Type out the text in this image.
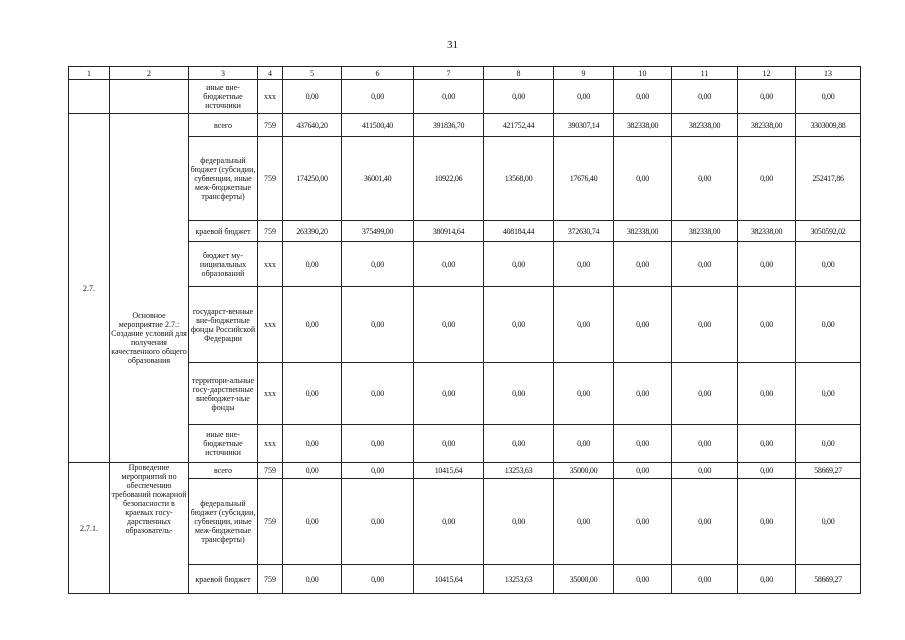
31
1	2	3	4	5	6	7	8	9	10	11	12	13
		иные вне-бюджетные источники	xxx	0,00	0,00	0,00	0,00	0,00	0,00	0,00	0,00	0,00
2.7.	Основное мероприятие 2.7.: Создание условий для получения качественного общего образования	всего	759	437640,20	411500,40	391836,70	421752,44	390307,14	382338,00	382338,00	382338,00	3303009,88
		федеральный бюджет (субсидии, субвенции, иные меж-бюджетные трансферты)	759	174250,00	36001,40	10922,06	13568,00	17676,40	0,00	0,00	0,00	252417,86
		краевой бюджет	759	263390,20	375499,00	380914,64	408184,44	372630,74	382338,00	382338,00	382338,00	3050592,02
		бюджет му-ниципальных образований	xxx	0,00	0,00	0,00	0,00	0,00	0,00	0,00	0,00	0,00
		государст-венные вне-бюджетные фонды Российской Федерации	xxx	0,00	0,00	0,00	0,00	0,00	0,00	0,00	0,00	0,00
		территори-альные госу-дарственные внебюджет-ные фонды	xxx	0,00	0,00	0,00	0,00	0,00	0,00	0,00	0,00	0,00
		иные вне-бюджетные источники	xxx	0,00	0,00	0,00	0,00	0,00	0,00	0,00	0,00	0,00
2.7.1.	Проведение мероприятий по обеспечению требований пожарной безопасности в краевых госу-дарственных образователь-	всего	759	0,00	0,00	10415,64	13253,63	35000,00	0,00	0,00	0,00	58669,27
		федеральный бюджет (субсидии, субвенции, иные меж-бюджетные трансферты)	759	0,00	0,00	0,00	0,00	0,00	0,00	0,00	0,00	0,00
		краевой бюджет	759	0,00	0,00	10415,64	13253,63	35000,00	0,00	0,00	0,00	58669,27
